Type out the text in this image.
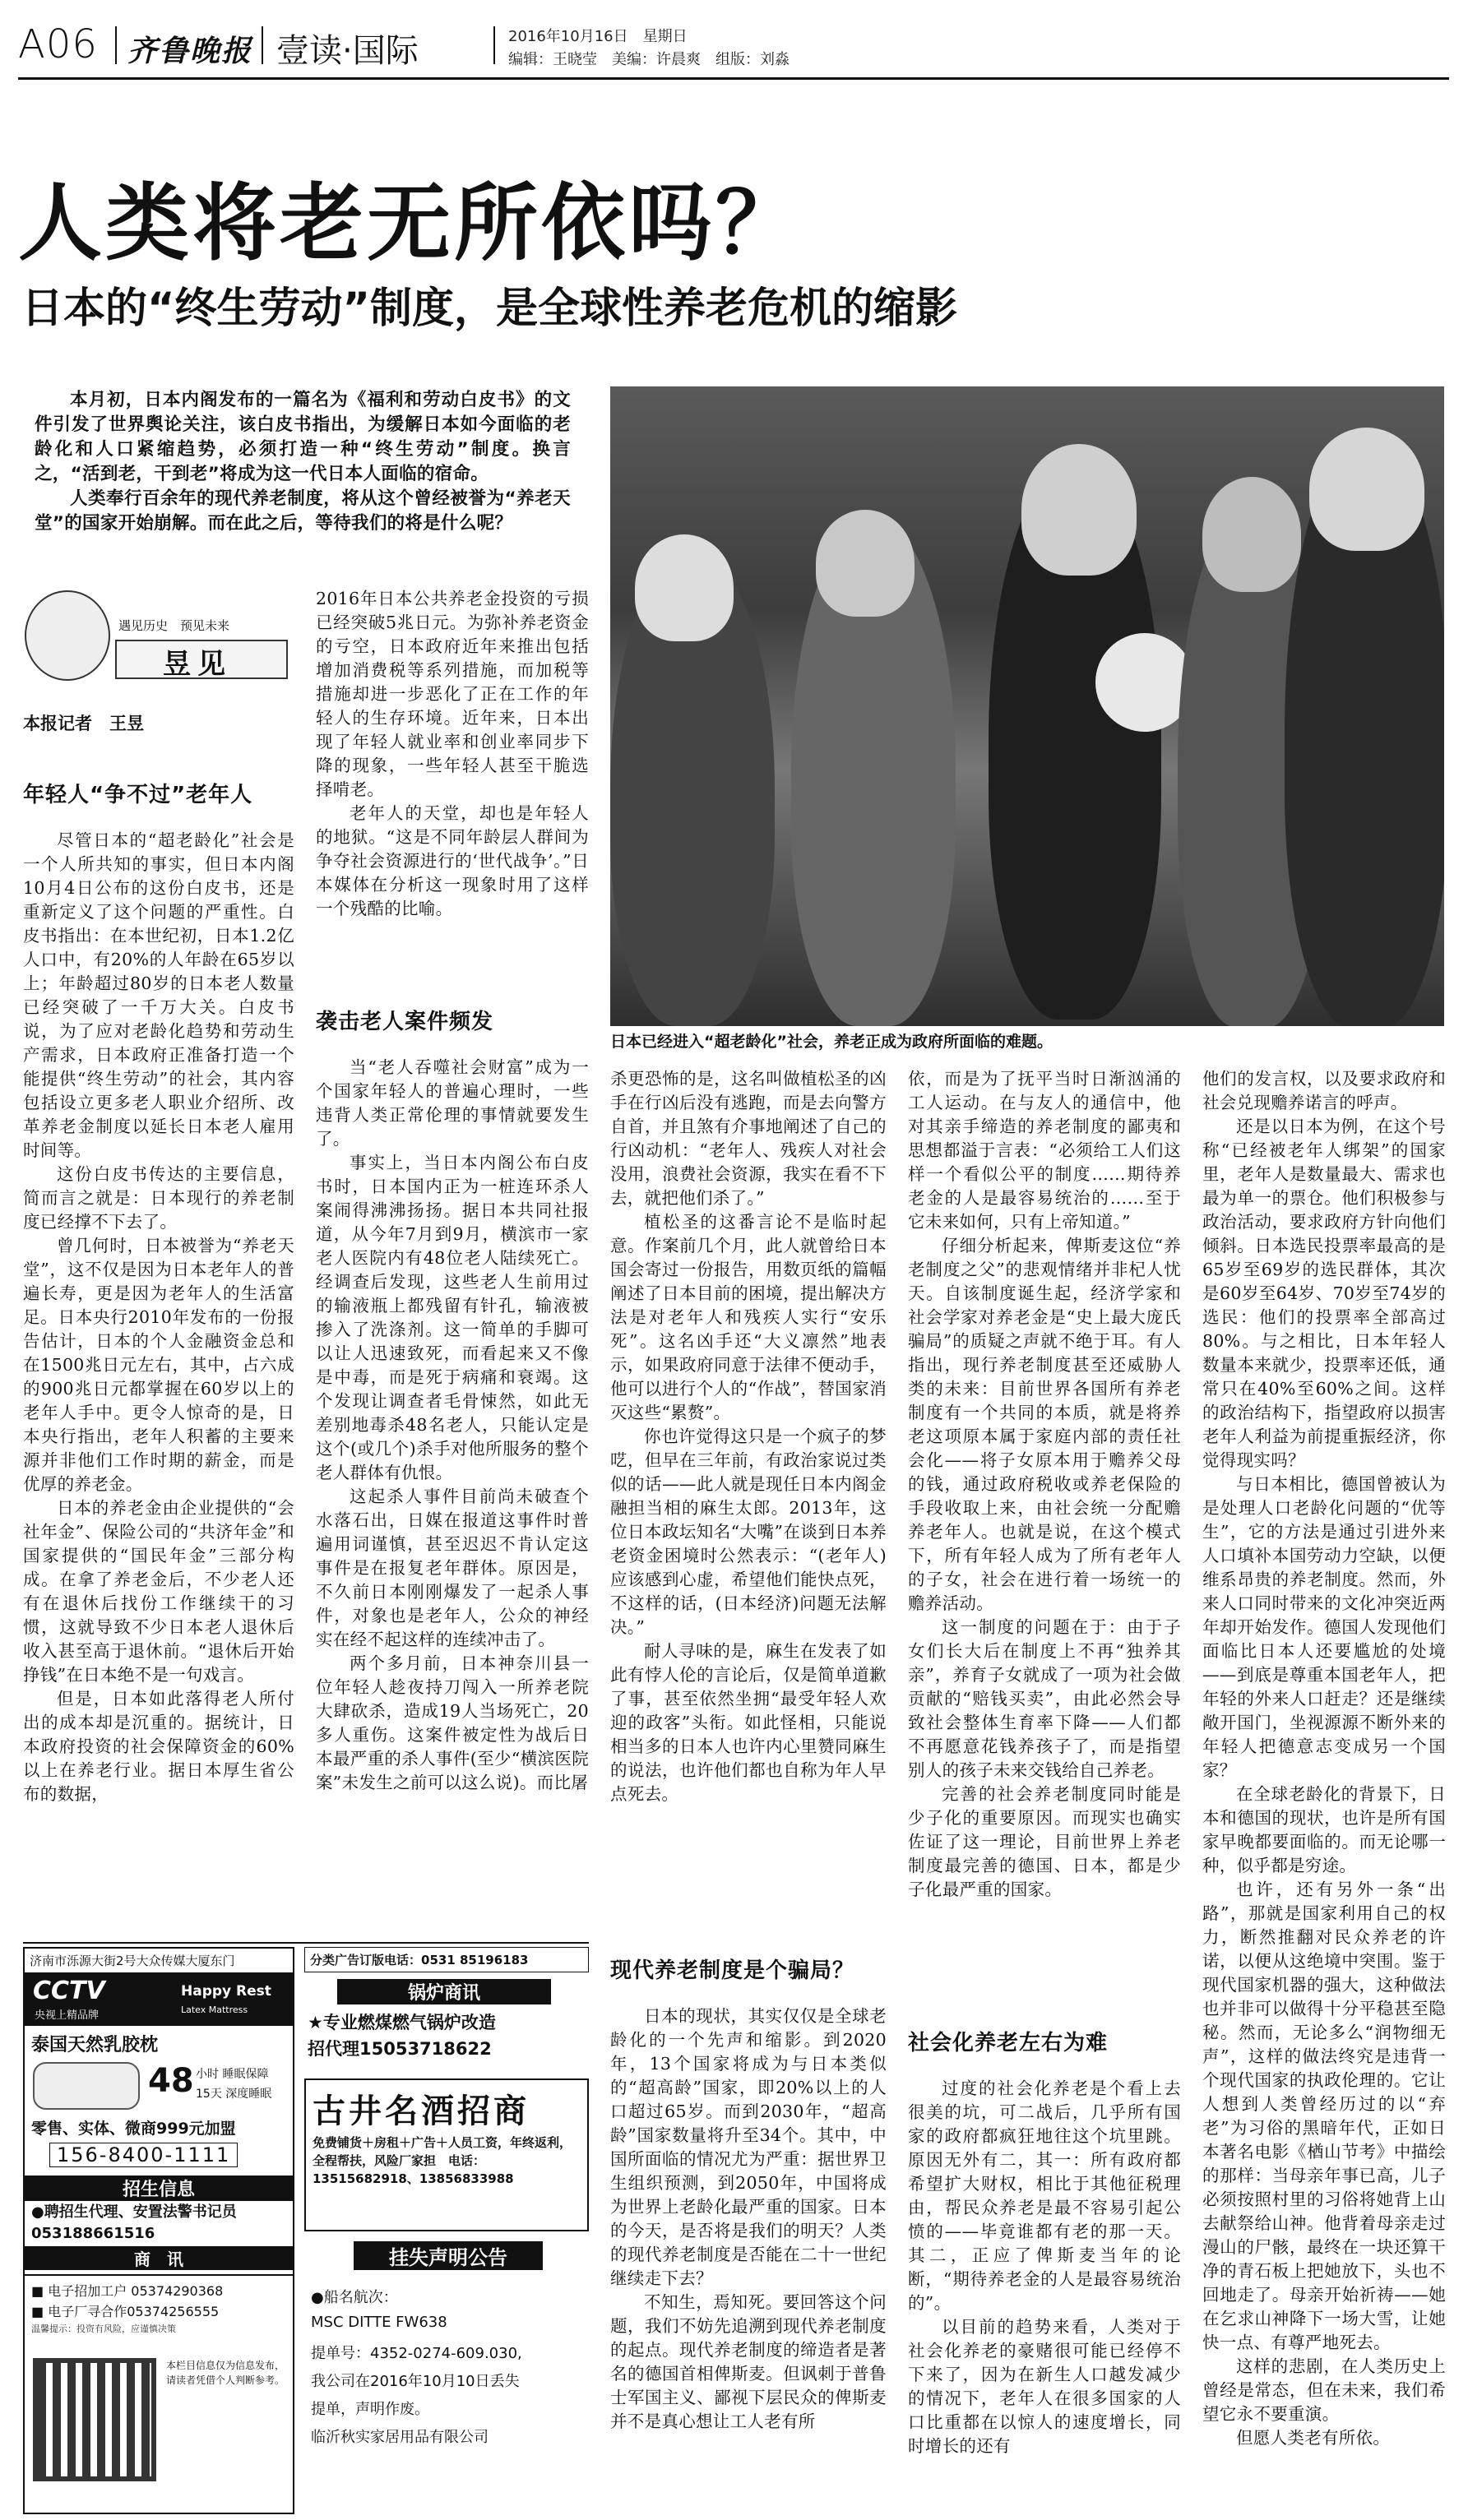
A06 齐鲁晚报 壹读·国际	2016年10月16日　星期日
编辑：王晓莹　美编：许晨爽　组版：刘淼
人类将老无所依吗？
日本的“终生劳动”制度，是全球性养老危机的缩影

本月初，日本内阁发布的一篇名为《福利和劳动白皮书》的文件引发了世界舆论关注，该白皮书指出，为缓解日本如今面临的老龄化和人口紧缩趋势，必须打造一种“终生劳动”制度。换言之，“活到老，干到老”将成为这一代日本人面临的宿命。

人类奉行百余年的现代养老制度，将从这个曾经被誉为“养老天堂”的国家开始崩解。而在此之后，等待我们的将是什么呢？

日本已经进入“超老龄化”社会，养老正成为政府所面临的难题。
遇见历史　预见未来
昱见
本报记者　王昱
年轻人“争不过”老年人

尽管日本的“超老龄化”社会是一个人所共知的事实，但日本内阁10月4日公布的这份白皮书，还是重新定义了这个问题的严重性。白皮书指出：在本世纪初，日本1.2亿人口中，有20%的人年龄在65岁以上；年龄超过80岁的日本老人数量已经突破了一千万大关。白皮书说，为了应对老龄化趋势和劳动生产需求，日本政府正准备打造一个能提供“终生劳动”的社会，其内容包括设立更多老人职业介绍所、改革养老金制度以延长日本老人雇用时间等。

这份白皮书传达的主要信息，简而言之就是：日本现行的养老制度已经撑不下去了。

曾几何时，日本被誉为“养老天堂”，这不仅是因为日本老年人的普遍长寿，更是因为老年人的生活富足。日本央行2010年发布的一份报告估计，日本的个人金融资金总和在1500兆日元左右，其中，占六成的900兆日元都掌握在60岁以上的老年人手中。更令人惊奇的是，日本央行指出，老年人积蓄的主要来源并非他们工作时期的薪金，而是优厚的养老金。

日本的养老金由企业提供的“会社年金”、保险公司的“共济年金”和国家提供的“国民年金”三部分构成。在拿了养老金后，不少老人还有在退休后找份工作继续干的习惯，这就导致不少日本老人退休后收入甚至高于退休前。“退休后开始挣钱”在日本绝不是一句戏言。

但是，日本如此落得老人所付出的成本却是沉重的。据统计，日本政府投资的社会保障资金的60%以上在养老行业。据日本厚生省公布的数据，

2016年日本公共养老金投资的亏损已经突破5兆日元。为弥补养老资金的亏空，日本政府近年来推出包括增加消费税等系列措施，而加税等措施却进一步恶化了正在工作的年轻人的生存环境。近年来，日本出现了年轻人就业率和创业率同步下降的现象，一些年轻人甚至干脆选择啃老。

老年人的天堂，却也是年轻人的地狱。“这是不同年龄层人群间为争夺社会资源进行的‘世代战争’。”日本媒体在分析这一现象时用了这样一个残酷的比喻。

袭击老人案件频发

当“老人吞噬社会财富”成为一个国家年轻人的普遍心理时，一些违背人类正常伦理的事情就要发生了。

事实上，当日本内阁公布白皮书时，日本国内正为一桩连环杀人案闹得沸沸扬扬。据日本共同社报道，从今年7月到9月，横滨市一家老人医院内有48位老人陆续死亡。经调查后发现，这些老人生前用过的输液瓶上都残留有针孔，输液被掺入了洗涤剂。这一简单的手脚可以让人迅速致死，而看起来又不像是中毒，而是死于病痛和衰竭。这个发现让调查者毛骨悚然，如此无差别地毒杀48名老人，只能认定是这个(或几个)杀手对他所服务的整个老人群体有仇恨。

这起杀人事件目前尚未破查个水落石出，日媒在报道这事件时普遍用词谨慎，甚至迟迟不肯认定这事件是在报复老年群体。原因是，不久前日本刚刚爆发了一起杀人事件，对象也是老年人，公众的神经实在经不起这样的连续冲击了。

两个多月前，日本神奈川县一位年轻人趁夜持刀闯入一所养老院大肆砍杀，造成19人当场死亡，20多人重伤。这案件被定性为战后日本最严重的杀人事件(至少“横滨医院案”未发生之前可以这么说)。而比屠

杀更恐怖的是，这名叫做植松圣的凶手在行凶后没有逃跑，而是去向警方自首，并且煞有介事地阐述了自己的行凶动机：“老年人、残疾人对社会没用，浪费社会资源，我实在看不下去，就把他们杀了。”

植松圣的这番言论不是临时起意。作案前几个月，此人就曾给日本国会寄过一份报告，用数页纸的篇幅阐述了日本目前的困境，提出解决方法是对老年人和残疾人实行“安乐死”。这名凶手还“大义凛然”地表示，如果政府同意于法律不便动手，他可以进行个人的“作战”，替国家消灭这些“累赘”。

你也许觉得这只是一个疯子的梦呓，但早在三年前，有政治家说过类似的话——此人就是现任日本内阁金融担当相的麻生太郎。2013年，这位日本政坛知名“大嘴”在谈到日本养老资金困境时公然表示：“(老年人)应该感到心虚，希望他们能快点死，不这样的话，(日本经济)问题无法解决。”

耐人寻味的是，麻生在发表了如此有悖人伦的言论后，仅是简单道歉了事，甚至依然坐拥“最受年轻人欢迎的政客”头衔。如此怪相，只能说相当多的日本人也许内心里赞同麻生的说法，也许他们都也自称为年人早点死去。

现代养老制度是个骗局？

日本的现状，其实仅仅是全球老龄化的一个先声和缩影。到2020年，13个国家将成为与日本类似的“超高龄”国家，即20%以上的人口超过65岁。而到2030年，“超高龄”国家数量将升至34个。其中，中国所面临的情况尤为严重：据世界卫生组织预测，到2050年，中国将成为世界上老龄化最严重的国家。日本的今天，是否将是我们的明天？人类的现代养老制度是否能在二十一世纪继续走下去？

不知生，焉知死。要回答这个问题，我们不妨先追溯到现代养老制度的起点。现代养老制度的缔造者是著名的德国首相俾斯麦。但讽刺于普鲁士军国主义、鄙视下层民众的俾斯麦并不是真心想让工人老有所

依，而是为了抚平当时日渐汹涌的工人运动。在与友人的通信中，他对其亲手缔造的养老制度的鄙夷和思想都溢于言表：“必须给工人们这样一个看似公平的制度……期待养老金的人是最容易统治的……至于它未来如何，只有上帝知道。”

仔细分析起来，俾斯麦这位“养老制度之父”的悲观情绪并非杞人忧天。自该制度诞生起，经济学家和社会学家对养老金是“史上最大庞氏骗局”的质疑之声就不绝于耳。有人指出，现行养老制度甚至还威胁人类的未来：目前世界各国所有养老制度有一个共同的本质，就是将养老这项原本属于家庭内部的责任社会化——将子女原本用于赡养父母的钱，通过政府税收或养老保险的手段收取上来，由社会统一分配赡养老年人。也就是说，在这个模式下，所有年轻人成为了所有老年人的子女，社会在进行着一场统一的赡养活动。

这一制度的问题在于：由于子女们长大后在制度上不再“独养其亲”，养育子女就成了一项为社会做贡献的“赔钱买卖”，由此必然会导致社会整体生育率下降——人们都不再愿意花钱养孩子了，而是指望别人的孩子未来交钱给自己养老。

完善的社会养老制度同时能是少子化的重要原因。而现实也确实佐证了这一理论，目前世界上养老制度最完善的德国、日本，都是少子化最严重的国家。

社会化养老左右为难

过度的社会化养老是个看上去很美的坑，可二战后，几乎所有国家的政府都疯狂地往这个坑里跳。原因无外有二，其一：所有政府都希望扩大财权，相比于其他征税理由，帮民众养老是最不容易引起公愤的——毕竟谁都有老的那一天。其二，正应了俾斯麦当年的论断，“期待养老金的人是最容易统治的”。

以目前的趋势来看，人类对于社会化养老的豪赌很可能已经停不下来了，因为在新生人口越发减少的情况下，老年人在很多国家的人口比重都在以惊人的速度增长，同时增长的还有

他们的发言权，以及要求政府和社会兑现赡养诺言的呼声。

还是以日本为例，在这个号称“已经被老年人绑架”的国家里，老年人是数量最大、需求也最为单一的票仓。他们积极参与政治活动，要求政府方针向他们倾斜。日本选民投票率最高的是65岁至69岁的选民群体，其次是60岁至64岁、70岁至74岁的选民：他们的投票率全部高过80%。与之相比，日本年轻人数量本来就少，投票率还低，通常只在40%至60%之间。这样的政治结构下，指望政府以损害老年人利益为前提重振经济，你觉得现实吗？

与日本相比，德国曾被认为是处理人口老龄化问题的“优等生”，它的方法是通过引进外来人口填补本国劳动力空缺，以便维系昂贵的养老制度。然而，外来人口同时带来的文化冲突近两年却开始发作。德国人发现他们面临比日本人还要尴尬的处境——到底是尊重本国老年人，把年轻的外来人口赶走？还是继续敞开国门，坐视源源不断外来的年轻人把德意志变成另一个国家？

在全球老龄化的背景下，日本和德国的现状，也许是所有国家早晚都要面临的。而无论哪一种，似乎都是穷途。

也许，还有另外一条“出路”，那就是国家利用自己的权力，断然推翻对民众养老的许诺，以便从这绝境中突围。鉴于现代国家机器的强大，这种做法也并非可以做得十分平稳甚至隐秘。然而，无论多么“润物细无声”，这样的做法终究是违背一个现代国家的执政伦理的。它让人想到人类曾经历过的以“弃老”为习俗的黑暗年代，正如日本著名电影《楢山节考》中描绘的那样：当母亲年事已高，儿子必须按照村里的习俗将她背上山去献祭给山神。他背着母亲走过漫山的尸骸，最终在一块还算干净的青石板上把她放下，头也不回地走了。母亲开始祈祷——她在乞求山神降下一场大雪，让她快一点、有尊严地死去。

这样的悲剧，在人类历史上曾经是常态，但在未来，我们希望它永不要重演。

但愿人类老有所依。

济南市泺源大街2号大众传媒大厦东门
CCTV
央视上精品牌
Happy Rest
Latex Mattress
泰国天然乳胶枕
48 小时 睡眠保障
15天 深度睡眠
零售、实体、微商999元加盟
156-8400-1111
招生信息
●聘招生代理、安置法警书记员053188661516
商　讯
■ 电子招加工户 05374290368
■ 电子厂寻合作05374256555
温馨提示：投资有风险，应谨慎决策
本栏目信息仅为信息发布，请读者凭借个人判断参考。
分类广告订版电话：0531 85196183
锅炉商讯
★专业燃煤燃气锅炉改造
招代理15053718622
古井名酒招商
免费铺货＋房租＋广告＋人员工资，年终返利，全程帮扶，风险厂家担　电话：13515682918、13856833988
挂失声明公告
●船名航次：
MSC DITTE FW638
提单号：4352-0274-609.030,
我公司在2016年10月10日丢失
提单，声明作废。
临沂秋实家居用品有限公司
